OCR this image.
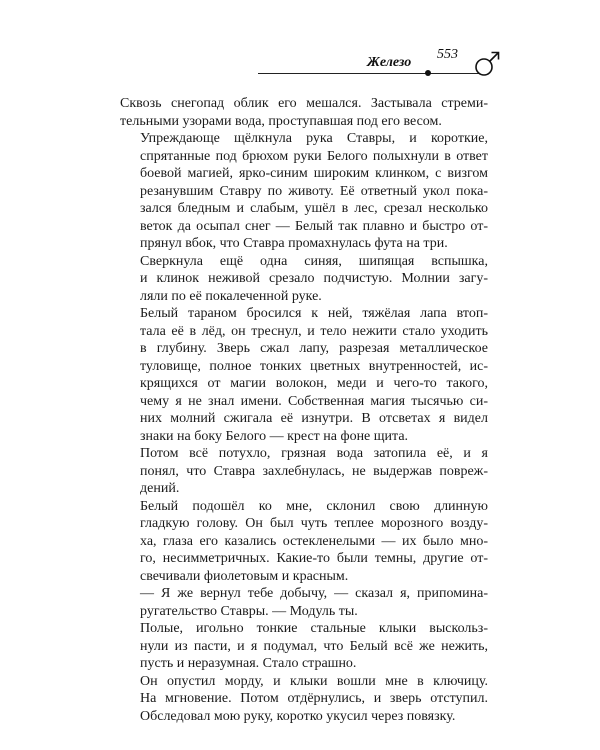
Железо
553

Сквозь снегопад облик его мешался. Застывала стреми-
тельными узорами вода, проступавшая под его весом.

Упреждающе щёлкнула рука Ставры, и короткие,
спрятанные под брюхом руки Белого полыхнули в ответ
боевой магией, ярко-синим широким клинком, с визгом
резанувшим Ставру по животу. Её ответный укол пока-
зался бледным и слабым, ушёл в лес, срезал несколько
веток да осыпал снег — Белый так плавно и быстро от-
прянул вбок, что Ставра промахнулась фута на три.

Сверкнула ещё одна синяя, шипящая вспышка,
и клинок неживой срезало подчистую. Молнии загу-
ляли по её покалеченной руке.

Белый тараном бросился к ней, тяжёлая лапа втоп-
тала её в лёд, он треснул, и тело нежити стало уходить
в глубину. Зверь сжал лапу, разрезая металлическое
туловище, полное тонких цветных внутренностей, ис-
крящихся от магии волокон, меди и чего-то такого,
чему я не знал имени. Собственная магия тысячью си-
них молний сжигала её изнутри. В отсветах я видел
знаки на боку Белого — крест на фоне щита.

Потом всё потухло, грязная вода затопила её, и я
понял, что Ставра захлебнулась, не выдержав повреж-
дений.

Белый подошёл ко мне, склонил свою длинную
гладкую голову. Он был чуть теплее морозного возду-
ха, глаза его казались остекленелыми — их было мно-
го, несимметричных. Какие-то были темны, другие от-
свечивали фиолетовым и красным.

— Я же вернул тебе добычу, — сказал я, припомина-
ругательство Ставры. — Модуль ты.

Полые, игольно тонкие стальные клыки выскольз-
нули из пасти, и я подумал, что Белый всё же нежить,
пусть и неразумная. Стало страшно.

Он опустил морду, и клыки вошли мне в ключицу.
На мгновение. Потом отдёрнулись, и зверь отступил.
Обследовал мою руку, коротко укусил через повязку.
